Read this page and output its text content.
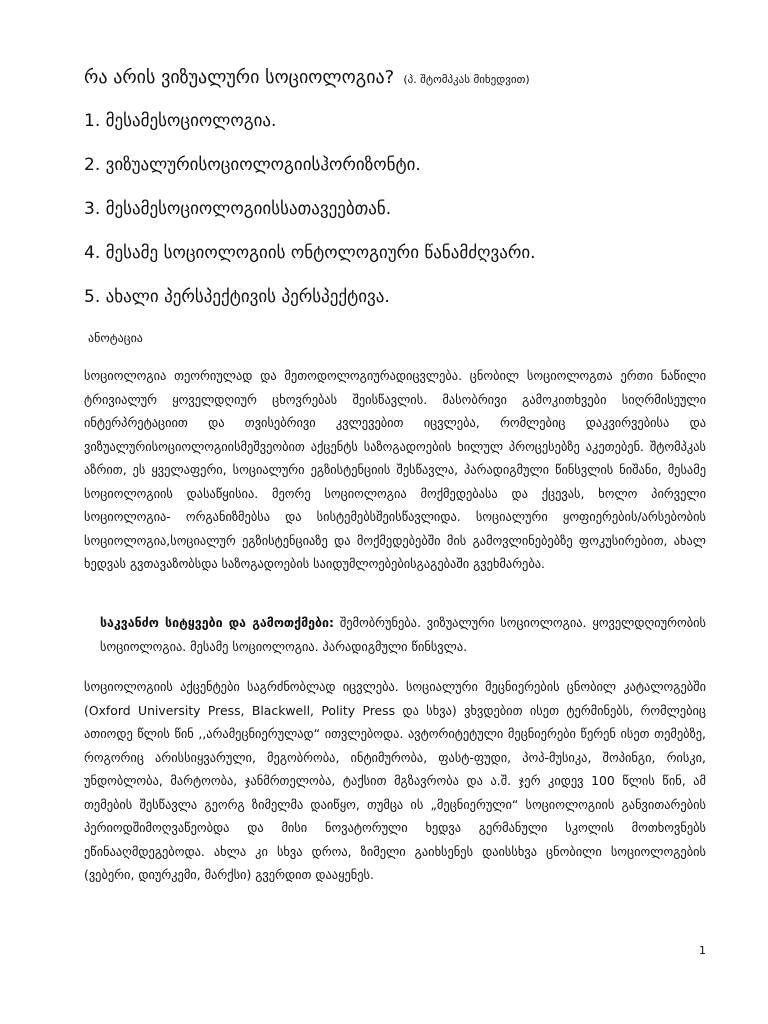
რა არის ვიზუალური სოციოლოგია? (პ. შტომპკას მიხედვით)
1. მესამესოციოლოგია.
2. ვიზუალურისოციოლოგიისჰორიზონტი.
3. მესამესოციოლოგიისსათავეებთან.
4. მესამე სოციოლოგიის ონტოლოგიური წანამძღვარი.
5. ახალი პერსპექტივის პერსპექტივა.
ანოტაცია

სოციოლოგია თეორიულად და მეთოდოლოგიურადიცვლება. ცნობილ სოციოლოგთა ერთი ნაწილი ტრივიალურ ყოველდღიურ ცხოვრებას შეისწავლის. მასობრივი გამოკითხვები სიღრმისეული ინტერპრეტაციით და თვისებრივი კვლევებით იცვლება, რომლებიც დაკვირვებისა და ვიზუალურისოციოლოგიისმეშვეობით აქცენტს საზოგადოების ხილულ პროცესებზე აკეთებენ. შტომპკას აზრით, ეს ყველაფერი, სოციალური ეგზისტენციის შესწავლა, პარადიგმული წინსვლის ნიშანი, მესამე სოციოლოგიის დასაწყისია. მეორე სოციოლოგია მოქმედებასა და ქცევას, ხოლო პირველი სოციოლოგია- ორგანიზმებსა და სისტემებსშეისწავლიდა. სოციალური ყოფიერების/არსებობის სოციოლოგია,სოციალურ ეგზისტენციაზე და მოქმედებებში მის გამოვლინებებზე ფოკუსირებით, ახალ ხედვას გვთავაზობსდა საზოგადოების საიდუმლოებებისგაგებაში გვეხმარება.

საკვანძო სიტყვები და გამოთქმები: შემობრუნება. ვიზუალური სოციოლოგია. ყოველდღიურობის სოციოლოგია. მესამე სოციოლოგია. პარადიგმული წინსვლა.

სოციოლოგიის აქცენტები საგრძნობლად იცვლება. სოციალური მეცნიერების ცნობილ კატალოგებში (Oxford University Press, Blackwell, Polity Press და სხვა) ვხვდებით ისეთ ტერმინებს, რომლებიც ათიოდე წლის წინ ,,არამეცნიერულად“ ითვლებოდა. ავტორიტეტული მეცნიერები წერენ ისეთ თემებზე, როგორიც არისსიყვარული, მეგობრობა, ინტიმურობა, ფასტ-ფუდი, პოპ-მუსიკა, შოპინგი, რისკი, უნდობლობა, მარტოობა, ჯანმრთელობა, ტაქსით მგზავრობა და ა.შ. ჯერ კიდევ 100 წლის წინ, ამ თემების შესწავლა გეორგ ზიმელმა დაიწყო, თუმცა ის „მეცნიერული“ სოციოლოგიის განვითარების პერიოდშიმოღვაწეობდა და მისი ნოვატორული ხედვა გერმანული სკოლის მოთხოვნებს ეწინააღმდეგებოდა. ახლა კი სხვა დროა, ზიმელი გაიხსენეს დაისსხვა ცნობილი სოციოლოგების (ვებერი, დიურკემი, მარქსი) გვერდით დააყენეს.

1
